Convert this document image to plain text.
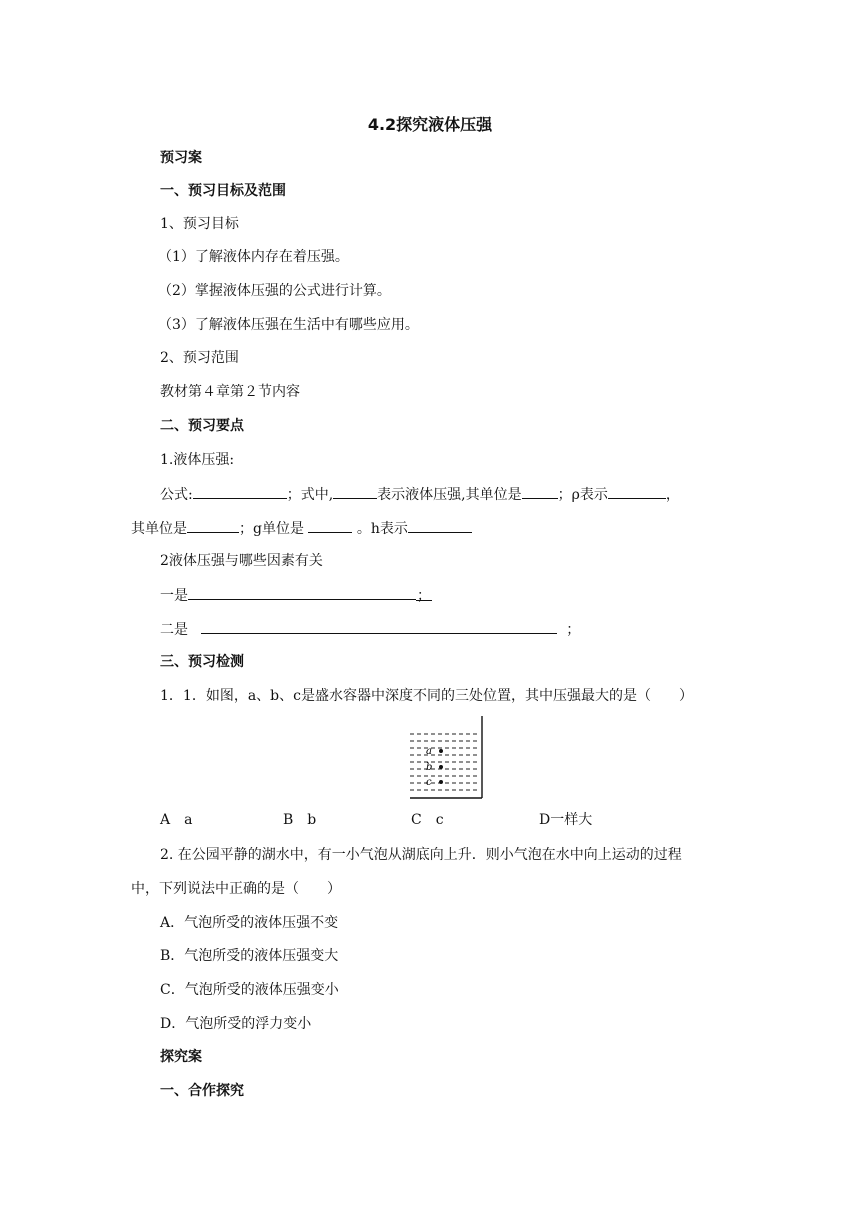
4.2探究液体压强
预习案
一、预习目标及范围
1、预习目标
（1）了解液体内存在着压强。
（2）掌握液体压强的公式进行计算。
（3）了解液体压强在生活中有哪些应用。
2、预习范围
教材第４章第２节内容
二、预习要点
1.液体压强:
公式:	；式中,	表示液体压强,其单位是	；ρ表示	，
其单位是	；g单位是	。h表示
2液体压强与哪些因素有关
一是	；
二是	；
三、预习检测
1．1．如图，a、b、c是盛水容器中深度不同的三处位置，其中压强最大的是（　　）
a
b
c
A　a	B　b	C　c	D一样大
2. 在公园平静的湖水中，有一小气泡从湖底向上升．则小气泡在水中向上运动的过程
中，下列说法中正确的是（　　）
A．气泡所受的液体压强不变
B．气泡所受的液体压强变大
C．气泡所受的液体压强变小
D．气泡所受的浮力变小
探究案
一、合作探究
